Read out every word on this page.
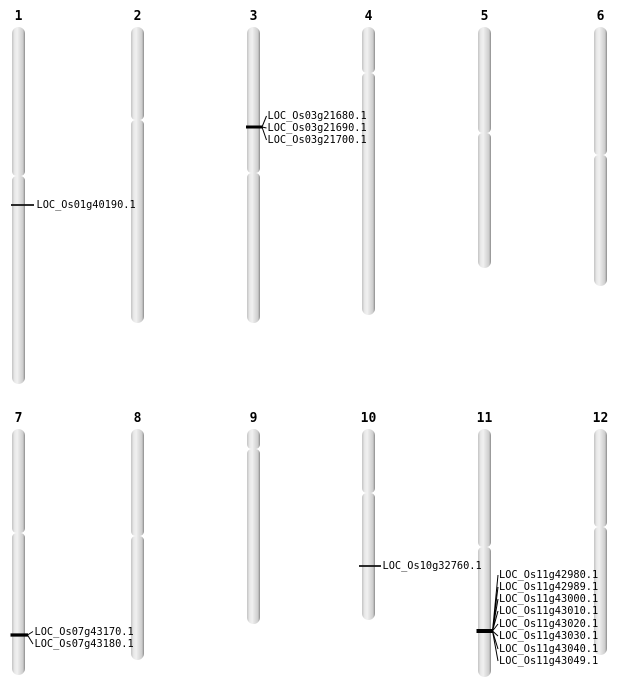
1	2	3	4	5	6
7	8	9	10	11	12
LOC_Os01g40190.1
LOC_Os03g21680.1
LOC_Os03g21690.1
LOC_Os03g21700.1
LOC_Os07g43170.1
LOC_Os07g43180.1
LOC_Os10g32760.1
LOC_Os11g42980.1
LOC_Os11g42989.1
LOC_Os11g43000.1
LOC_Os11g43010.1
LOC_Os11g43020.1
LOC_Os11g43030.1
LOC_Os11g43040.1
LOC_Os11g43049.1
